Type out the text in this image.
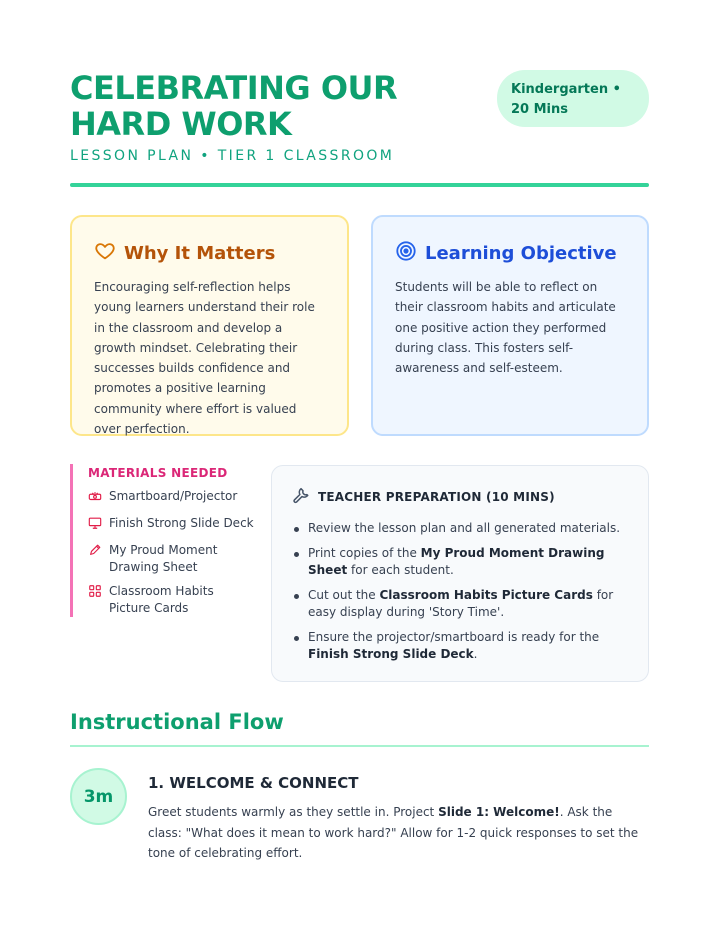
CELEBRATING OUR HARD WORK
LESSON PLAN • TIER 1 CLASSROOM
Kindergarten • 20 Mins
Why It Matters

Encouraging self-reflection helps young learners understand their role in the classroom and develop a growth mindset. Celebrating their successes builds confidence and promotes a positive learning community where effort is valued over perfection.

Learning Objective

Students will be able to reflect on their classroom habits and articulate one positive action they performed during class. This fosters self-awareness and self-esteem.

MATERIALS NEEDED
Smartboard/Projector
Finish Strong Slide Deck
My Proud Moment Drawing Sheet
Classroom Habits Picture Cards
TEACHER PREPARATION (10 MINS)
Review the lesson plan and all generated materials.
Print copies of the My Proud Moment Drawing Sheet for each student.
Cut out the Classroom Habits Picture Cards for easy display during 'Story Time'.
Ensure the projector/smartboard is ready for the Finish Strong Slide Deck.
Instructional Flow
3m
1. WELCOME & CONNECT

Greet students warmly as they settle in. Project Slide 1: Welcome!. Ask the class: "What does it mean to work hard?" Allow for 1-2 quick responses to set the tone of celebrating effort.
